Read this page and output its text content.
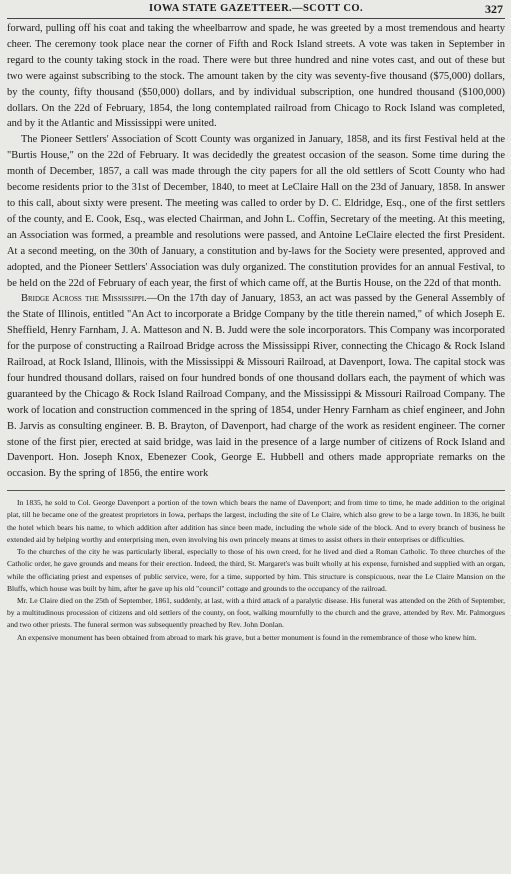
IOWA STATE GAZETTEER.—SCOTT CO.	327

forward, pulling off his coat and taking the wheelbarrow and spade, he was greeted by a most tremendous and hearty cheer. The ceremony took place near the corner of Fifth and Rock Island streets. A vote was taken in September in regard to the county taking stock in the road. There were but three hundred and nine votes cast, and out of these but two were against subscribing to the stock. The amount taken by the city was seventy-five thousand ($75,000) dollars, by the county, fifty thousand ($50,000) dollars, and by individual subscription, one hundred thousand ($100,000) dollars. On the 22d of February, 1854, the long contemplated railroad from Chicago to Rock Island was completed, and by it the Atlantic and Mississippi were united.

The Pioneer Settlers' Association of Scott County was organized in January, 1858, and its first Festival held at the "Burtis House," on the 22d of February. It was decidedly the greatest occasion of the season. Some time during the month of December, 1857, a call was made through the city papers for all the old settlers of Scott County who had become residents prior to the 31st of December, 1840, to meet at LeClaire Hall on the 23d of January, 1858. In answer to this call, about sixty were present. The meeting was called to order by D. C. Eldridge, Esq., one of the first settlers of the county, and E. Cook, Esq., was elected Chairman, and John L. Coffin, Secretary of the meeting. At this meeting, an Association was formed, a preamble and resolutions were passed, and Antoine LeClaire elected the first President. At a second meeting, on the 30th of January, a constitution and by-laws for the Society were presented, approved and adopted, and the Pioneer Settlers' Association was duly organized. The constitution provides for an annual Festival, to be held on the 22d of February of each year, the first of which came off, at the Burtis House, on the 22d of that month.

Bridge Across the Mississippi.—On the 17th day of January, 1853, an act was passed by the General Assembly of the State of Illinois, entitled "An Act to incorporate a Bridge Company by the title therein named," of which Joseph E. Sheffield, Henry Farnham, J. A. Matteson and N. B. Judd were the sole incorporators. This Company was incorporated for the purpose of constructing a Railroad Bridge across the Mississippi River, connecting the Chicago & Rock Island Railroad, at Rock Island, Illinois, with the Mississippi & Missouri Railroad, at Davenport, Iowa. The capital stock was four hundred thousand dollars, raised on four hundred bonds of one thousand dollars each, the payment of which was guaranteed by the Chicago & Rock Island Railroad Company, and the Mississippi & Missouri Railroad Company. The work of location and construction commenced in the spring of 1854, under Henry Farnham as chief engineer, and John B. Jarvis as consulting engineer. B. B. Brayton, of Davenport, had charge of the work as resident engineer. The corner stone of the first pier, erected at said bridge, was laid in the presence of a large number of citizens of Rock Island and Davenport. Hon. Joseph Knox, Ebenezer Cook, George E. Hubbell and others made appropriate remarks on the occasion. By the spring of 1856, the entire work

In 1835, he sold to Col. George Davenport a portion of the town which bears the name of Davenport; and from time to time, he made addition to the original plat, till he became one of the greatest proprietors in Iowa, perhaps the largest, including the site of Le Claire, which also grew to be a large town. In 1836, he built the hotel which bears his name, to which addition after addition has since been made, including the whole side of the block. And to every branch of business he extended aid by helping worthy and enterprising men, even involving his own princely means at times to assist others in their enterprises or difficulties.

To the churches of the city he was particularly liberal, especially to those of his own creed, for he lived and died a Roman Catholic. To three churches of the Catholic order, he gave grounds and means for their erection. Indeed, the third, St. Margaret's was built wholly at his expense, furnished and supplied with an organ, while the officiating priest and expenses of public service, were, for a time, supported by him. This structure is conspicuous, near the Le Claire Mansion on the Bluffs, which house was built by him, after he gave up his old "council" cottage and grounds to the occupancy of the railroad.

Mr. Le Claire died on the 25th of September, 1861, suddenly, at last, with a third attack of a paralytic disease. His funeral was attended on the 26th of September, by a multitudinous procession of citizens and old settlers of the county, on foot, walking mournfully to the church and the grave, attended by Rev. Mr. Palmorgues and two other priests. The funeral sermon was subsequently preached by Rev. John Donlan.

An expensive monument has been obtained from abroad to mark his grave, but a better monument is found in the remembrance of those who knew him.
